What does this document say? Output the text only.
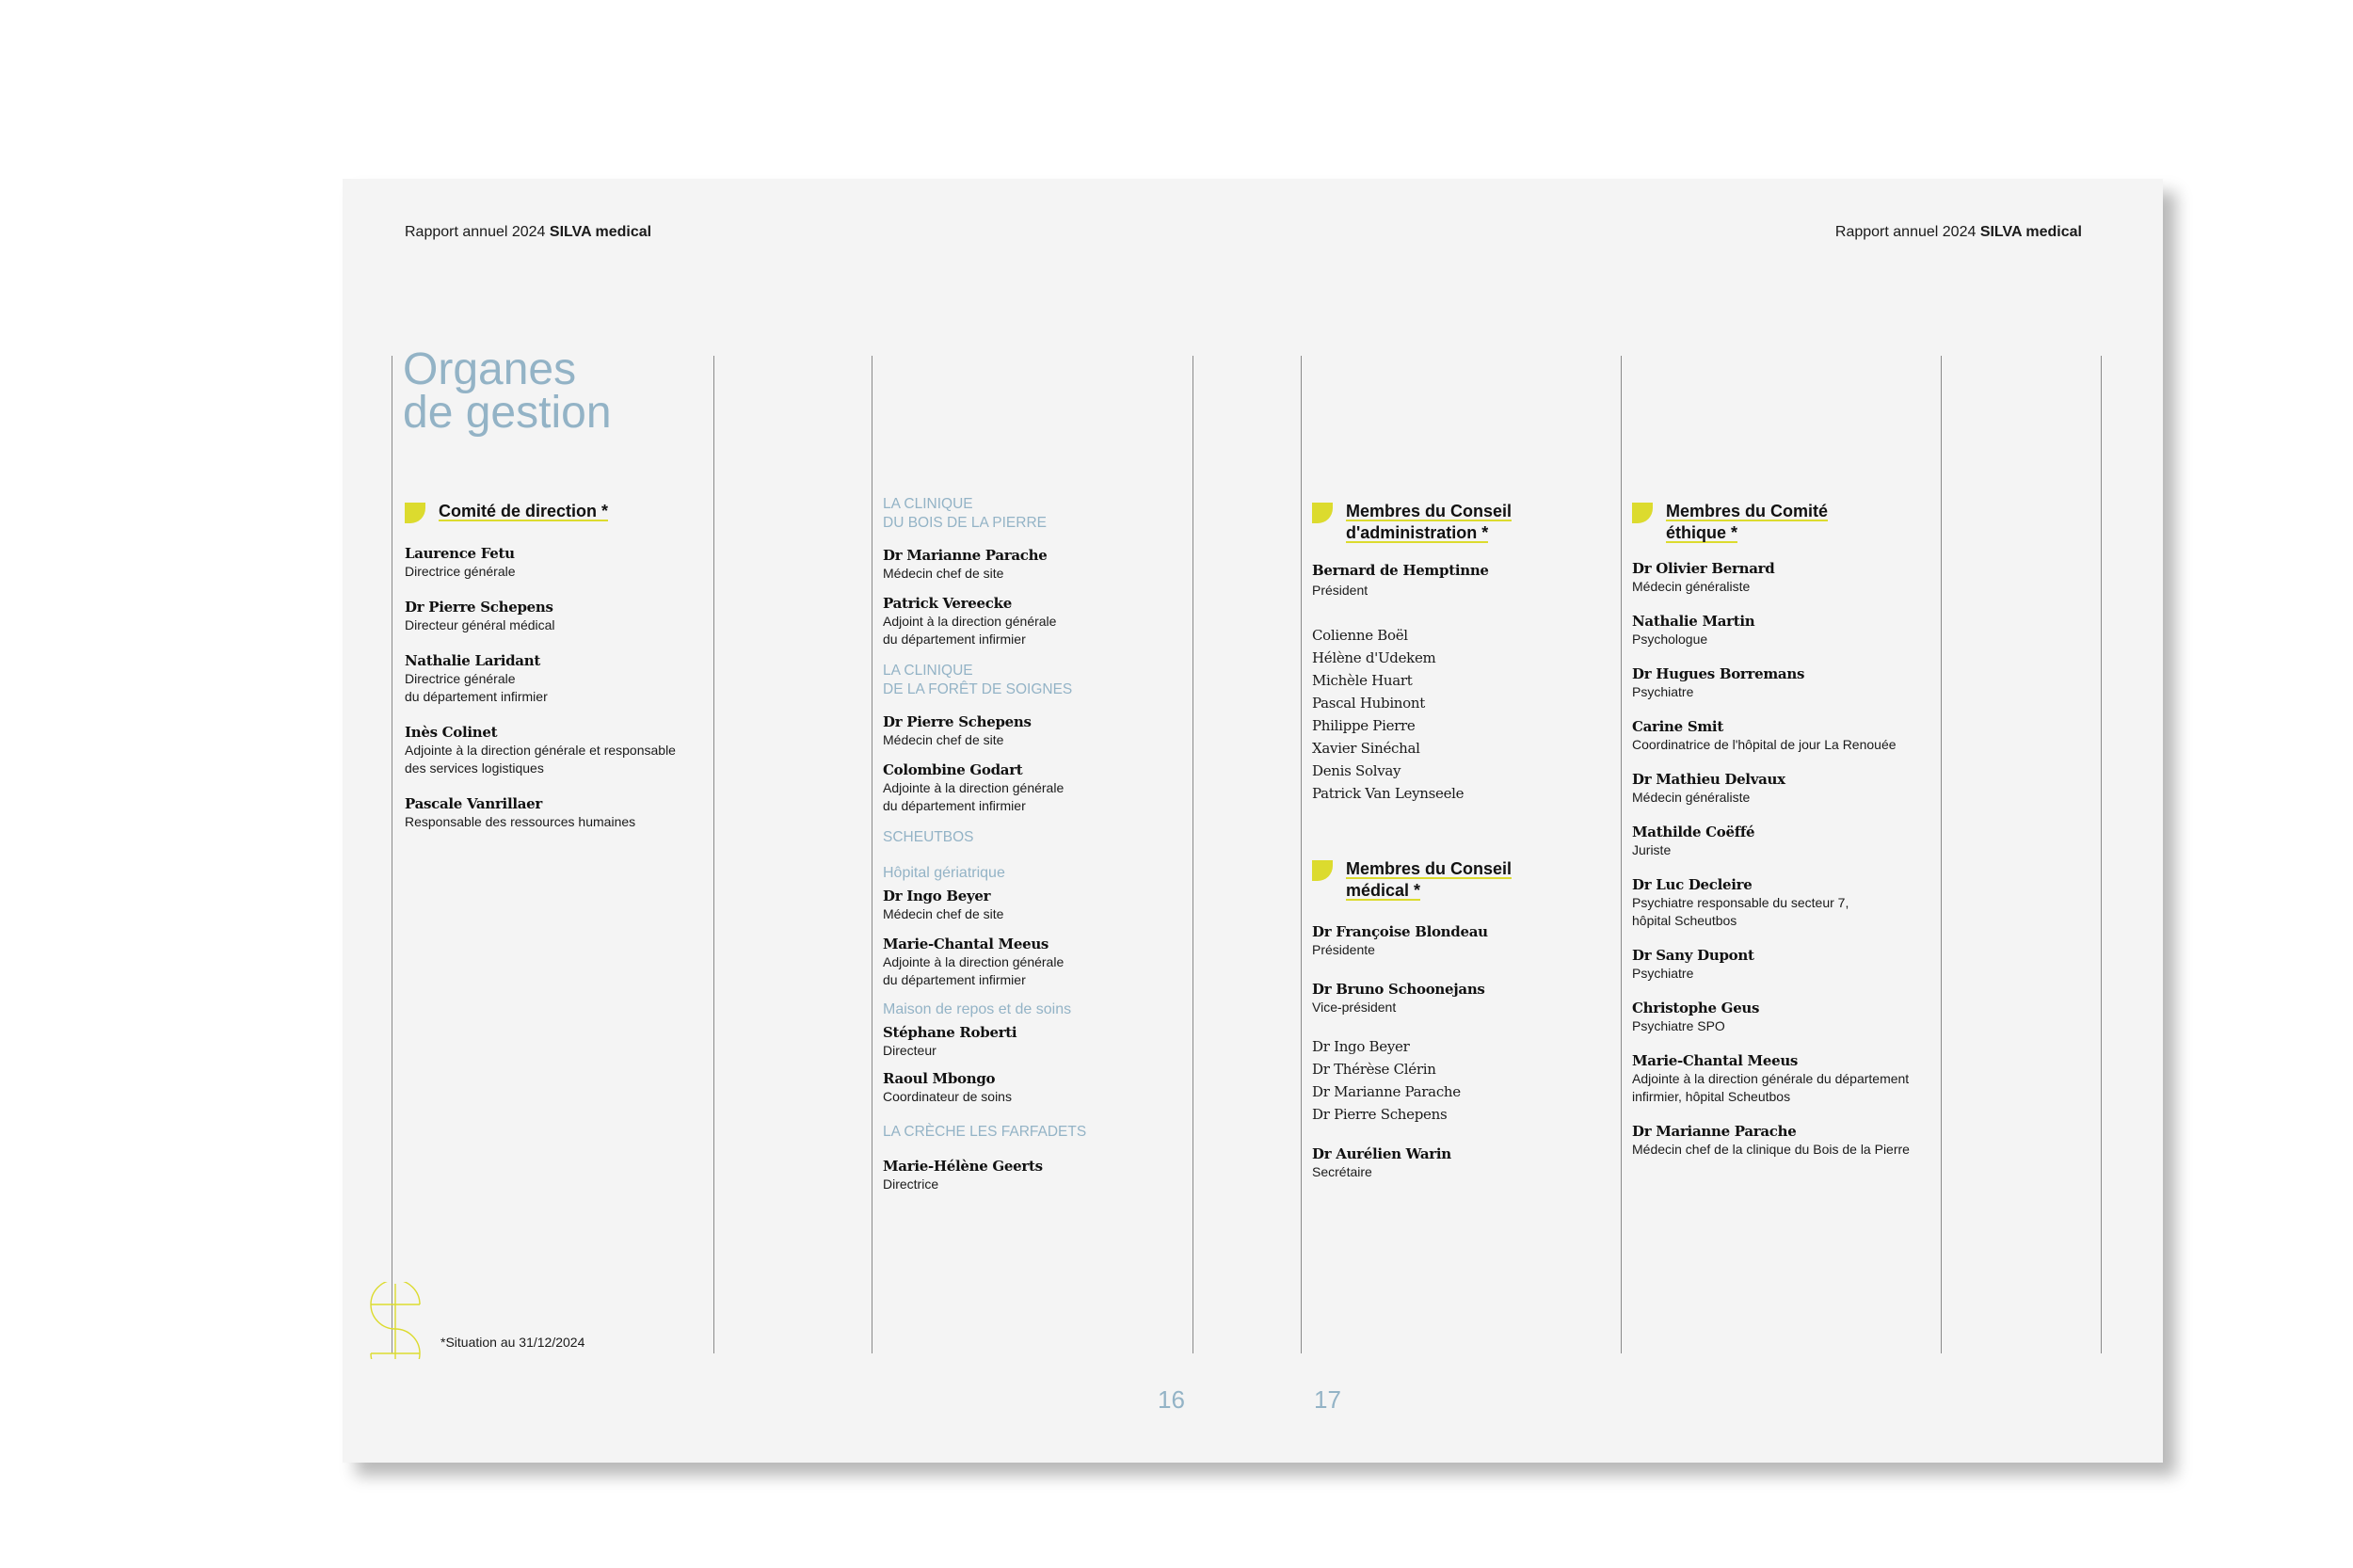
Rapport annuel 2024 SILVA medical	Rapport annuel 2024 SILVA medical
Organes
de gestion
Comité de direction *
Laurence Fetu
Directrice générale
Dr Pierre Schepens
Directeur général médical
Nathalie Laridant
Directrice générale
du département infirmier
Inès Colinet
Adjointe à la direction générale et responsable
des services logistiques
Pascale Vanrillaer
Responsable des ressources humaines
LA CLINIQUE
DU BOIS DE LA PIERRE
Dr Marianne Parache
Médecin chef de site
Patrick Vereecke
Adjoint à la direction générale
du département infirmier
LA CLINIQUE
DE LA FORÊT DE SOIGNES
Dr Pierre Schepens
Médecin chef de site
Colombine Godart
Adjointe à la direction générale
du département infirmier
SCHEUTBOS
Hôpital gériatrique
Dr Ingo Beyer
Médecin chef de site
Marie-Chantal Meeus
Adjointe à la direction générale
du département infirmier
Maison de repos et de soins
Stéphane Roberti
Directeur
Raoul Mbongo
Coordinateur de soins
LA CRÈCHE LES FARFADETS
Marie-Hélène Geerts
Directrice
Membres du Conseil
d'administration *
Bernard de Hemptinne
Président
Colienne Boël
Hélène d'Udekem
Michèle Huart
Pascal Hubinont
Philippe Pierre
Xavier Sinéchal
Denis Solvay
Patrick Van Leynseele
Membres du Conseil
médical *
Dr Françoise Blondeau
Présidente
Dr Bruno Schoonejans
Vice-président
Dr Ingo Beyer
Dr Thérèse Clérin
Dr Marianne Parache
Dr Pierre Schepens
Dr Aurélien Warin
Secrétaire
Membres du Comité
éthique *
Dr Olivier Bernard
Médecin généraliste
Nathalie Martin
Psychologue
Dr Hugues Borremans
Psychiatre
Carine Smit
Coordinatrice de l'hôpital de jour La Renouée
Dr Mathieu Delvaux
Médecin généraliste
Mathilde Coëffé
Juriste
Dr Luc Decleire
Psychiatre responsable du secteur 7,
hôpital Scheutbos
Dr Sany Dupont
Psychiatre
Christophe Geus
Psychiatre SPO
Marie-Chantal Meeus
Adjointe à la direction générale du département
infirmier, hôpital Scheutbos
Dr Marianne Parache
Médecin chef de la clinique du Bois de la Pierre
*Situation au 31/12/2024
16	17
